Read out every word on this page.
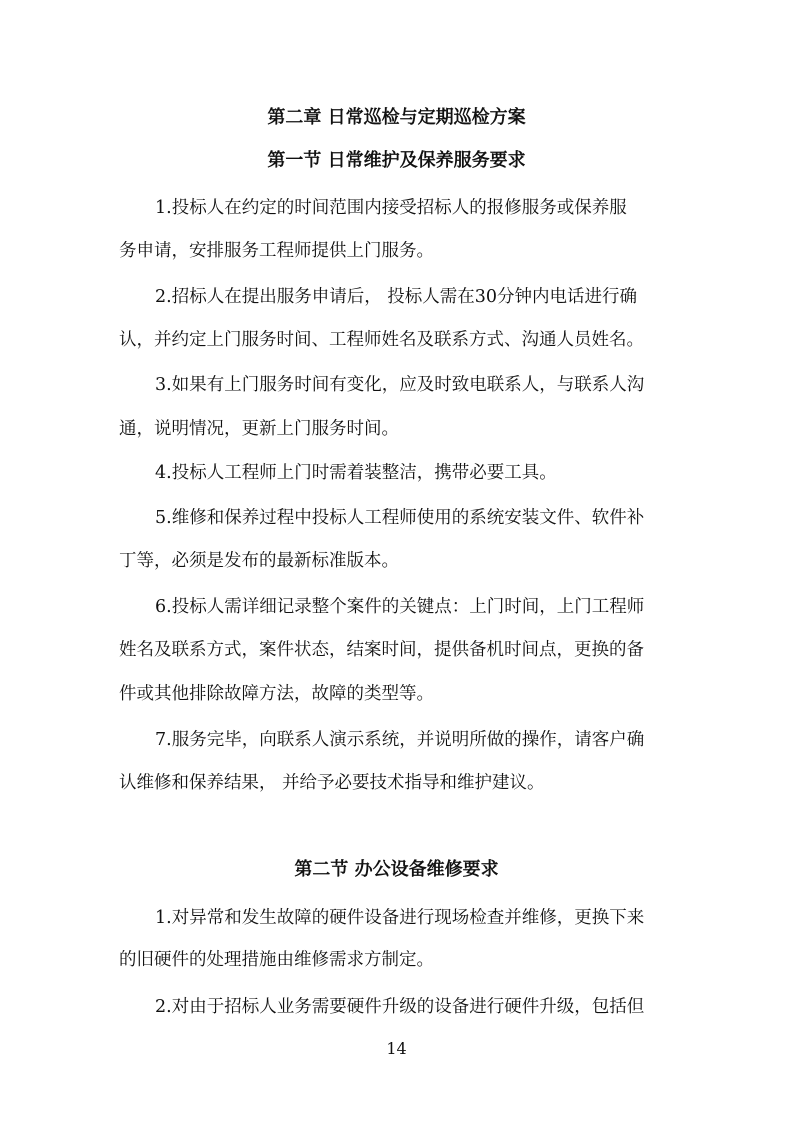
第二章 日常巡检与定期巡检方案
第一节 日常维护及保养服务要求
1.投标人在约定的时间范围内接受招标人的报修服务或保养服
务申请，安排服务工程师提供上门服务。
2.招标人在提出服务申请后， 投标人需在30分钟内电话进行确
认，并约定上门服务时间、工程师姓名及联系方式、沟通人员姓名。
3.如果有上门服务时间有变化，应及时致电联系人，与联系人沟
通，说明情况，更新上门服务时间。
4.投标人工程师上门时需着装整洁，携带必要工具。
5.维修和保养过程中投标人工程师使用的系统安装文件、软件补
丁等，必须是发布的最新标准版本。
6.投标人需详细记录整个案件的关键点：上门时间，上门工程师
姓名及联系方式，案件状态，结案时间，提供备机时间点，更换的备
件或其他排除故障方法，故障的类型等。
7.服务完毕，向联系人演示系统，并说明所做的操作，请客户确
认维修和保养结果， 并给予必要技术指导和维护建议。
第二节 办公设备维修要求
1.对异常和发生故障的硬件设备进行现场检查并维修，更换下来
的旧硬件的处理措施由维修需求方制定。
2.对由于招标人业务需要硬件升级的设备进行硬件升级，包括但
14
